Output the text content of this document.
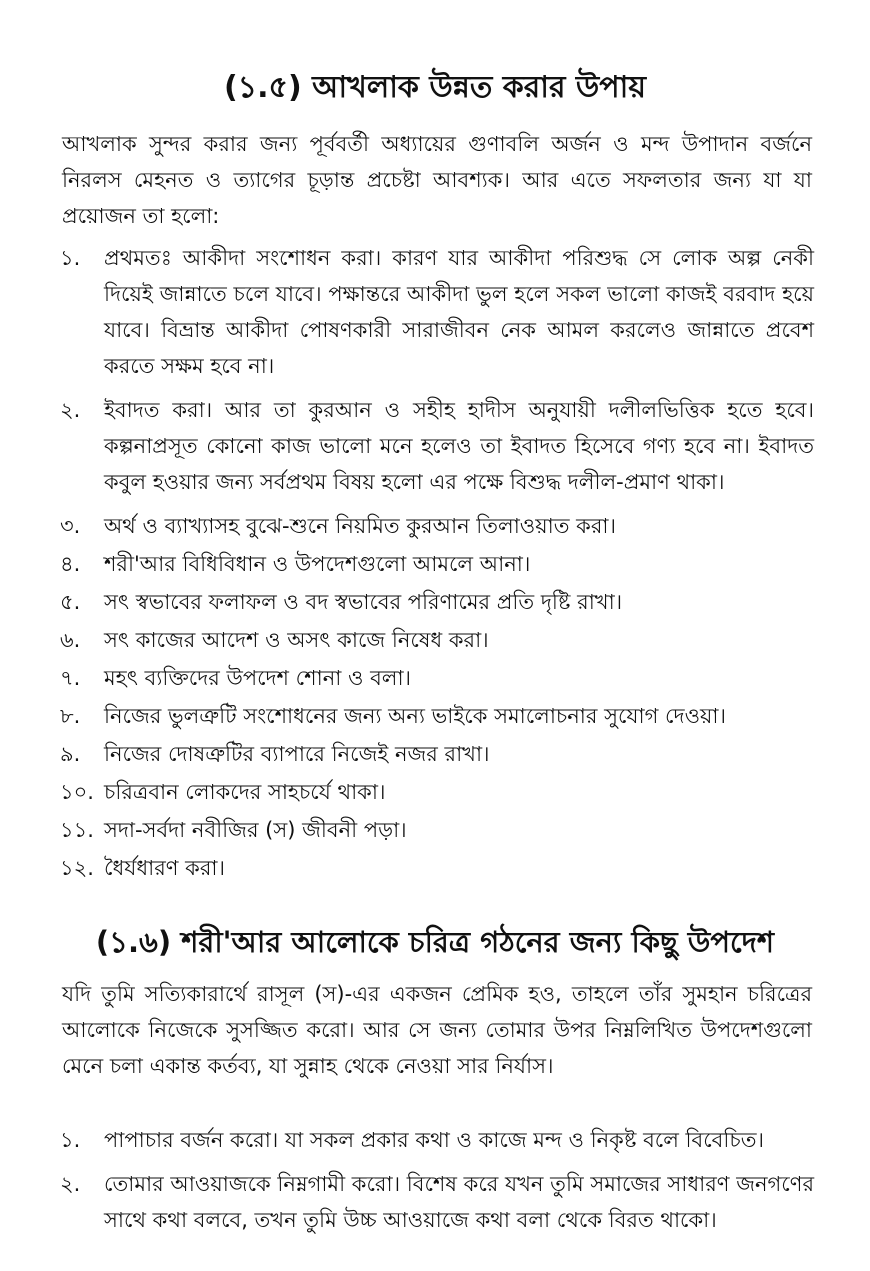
(১.৫) আখলাক উন্নত করার উপায়

আখলাক সুন্দর করার জন্য পূর্ববর্তী অধ্যায়ের গুণাবলি অর্জন ও মন্দ উপাদান বর্জনে নিরলস মেহনত ও ত্যাগের চূড়ান্ত প্রচেষ্টা আবশ্যক। আর এতে সফলতার জন্য যা যা প্রয়োজন তা হলো:

১.	প্রথমতঃ আকীদা সংশোধন করা। কারণ যার আকীদা পরিশুদ্ধ সে লোক অল্প নেকী দিয়েই জান্নাতে চলে যাবে। পক্ষান্তরে আকীদা ভুল হলে সকল ভালো কাজই বরবাদ হয়ে যাবে। বিভ্রান্ত আকীদা পোষণকারী সারাজীবন নেক আমল করলেও জান্নাতে প্রবেশ করতে সক্ষম হবে না।
২.	ইবাদত করা। আর তা কুরআন ও সহীহ হাদীস অনুযায়ী দলীলভিত্তিক হতে হবে। কল্পনাপ্রসূত কোনো কাজ ভালো মনে হলেও তা ইবাদত হিসেবে গণ্য হবে না। ইবাদত কবুল হওয়ার জন্য সর্বপ্রথম বিষয় হলো এর পক্ষে বিশুদ্ধ দলীল-প্রমাণ থাকা।
৩.	অর্থ ও ব্যাখ্যাসহ বুঝে-শুনে নিয়মিত কুরআন তিলাওয়াত করা।
৪.	শরী'আর বিধিবিধান ও উপদেশগুলো আমলে আনা।
৫.	সৎ স্বভাবের ফলাফল ও বদ স্বভাবের পরিণামের প্রতি দৃষ্টি রাখা।
৬.	সৎ কাজের আদেশ ও অসৎ কাজে নিষেধ করা।
৭.	মহৎ ব্যক্তিদের উপদেশ শোনা ও বলা।
৮.	নিজের ভুলত্রুটি সংশোধনের জন্য অন্য ভাইকে সমালোচনার সুযোগ দেওয়া।
৯.	নিজের দোষত্রুটির ব্যাপারে নিজেই নজর রাখা।
১০. চরিত্রবান লোকদের সাহচর্যে থাকা।
১১. সদা-সর্বদা নবীজির (স) জীবনী পড়া।
১২. ধৈর্যধারণ করা।
(১.৬) শরী'আর আলোকে চরিত্র গঠনের জন্য কিছু উপদেশ

যদি তুমি সত্যিকারার্থে রাসূল (স)-এর একজন প্রেমিক হও, তাহলে তাঁর সুমহান চরিত্রের আলোকে নিজেকে সুসজ্জিত করো। আর সে জন্য তোমার উপর নিম্নলিখিত উপদেশগুলো মেনে চলা একান্ত কর্তব্য, যা সুন্নাহ থেকে নেওয়া সার নির্যাস।

১.	পাপাচার বর্জন করো। যা সকল প্রকার কথা ও কাজে মন্দ ও নিকৃষ্ট বলে বিবেচিত।
২.	তোমার আওয়াজকে নিম্নগামী করো। বিশেষ করে যখন তুমি সমাজের সাধারণ জনগণের সাথে কথা বলবে, তখন তুমি উচ্চ আওয়াজে কথা বলা থেকে বিরত থাকো।
